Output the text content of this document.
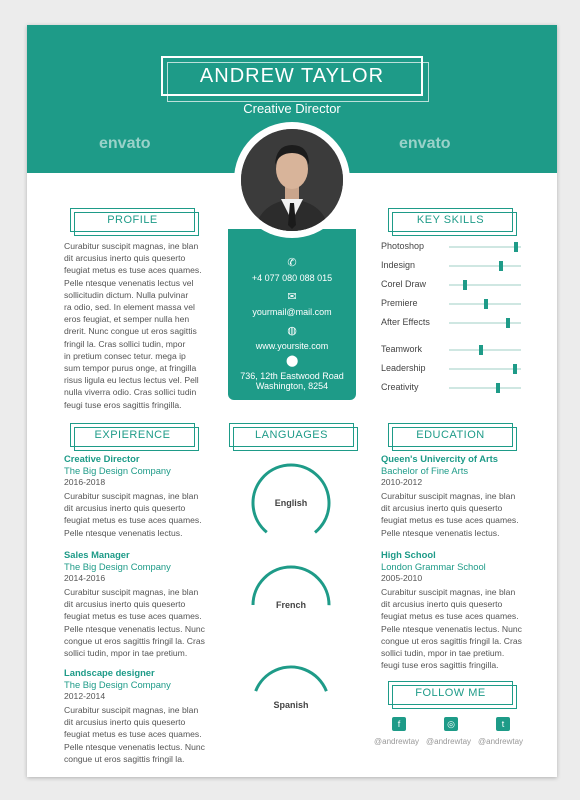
ANDREW TAYLOR
Creative Director
envato	envato
✆
+4 077 080 088 015
✉
yourmail@mail.com
◍
www.yoursite.com
⬤
736, 12th Eastwood Road
Washington, 8254
PROFILE
Curabitur suscipit magnas, ine blan
dit arcusius inerto quis queserto
feugiat metus es tuse aces quames.
Pelle ntesque venenatis lectus vel
sollicitudin dictum. Nulla pulvinar
ra odio, sed. In element massa vel
eros feugiat, et semper nulla hen
drerit. Nunc congue ut eros sagittis
fringil la. Cras sollici tudin, mpor
in pretium consec tetur. mega ip
sum tempor purus onge, at fringilla
risus ligula eu lectus lectus vel. Pell
nulla viverra odio. Cras sollici tudin
feugi tuse eros sagittis fringilla.
KEY SKILLS
Photoshop
Indesign
Corel Draw
Premiere
After Effects
Teamwork
Leadership
Creativity
EXPIERENCE
Creative Director
The Big Design Company
2016-2018
Curabitur suscipit magnas, ine blan
dit arcusius inerto quis queserto
feugiat metus es tuse aces quames.
Pelle ntesque venenatis lectus.
Sales Manager
The Big Design Company
2014-2016
Curabitur suscipit magnas, ine blan
dit arcusius inerto quis queserto
feugiat metus es tuse aces quames.
Pelle ntesque venenatis lectus. Nunc
congue ut eros sagittis fringil la. Cras
sollici tudin, mpor in tae pretium.
Landscape designer
The Big Design Company
2012-2014
Curabitur suscipit magnas, ine blan
dit arcusius inerto quis queserto
feugiat metus es tuse aces quames.
Pelle ntesque venenatis lectus. Nunc
congue ut eros sagittis fringil la.
LANGUAGES
English
French
Spanish
EDUCATION
Queen's Univercity of Arts
Bachelor of Fine Arts
2010-2012
Curabitur suscipit magnas, ine blan
dit arcusius inerto quis queserto
feugiat metus es tuse aces quames.
Pelle ntesque venenatis lectus.
High School
London Grammar School
2005-2010
Curabitur suscipit magnas, ine blan
dit arcusius inerto quis queserto
feugiat metus es tuse aces quames.
Pelle ntesque venenatis lectus. Nunc
congue ut eros sagittis fringil la. Cras
sollici tudin, mpor in tae pretium.
feugi tuse eros sagittis fringilla.
FOLLOW ME
f
@andrewtay
◎
@andrewtay
t
@andrewtay
